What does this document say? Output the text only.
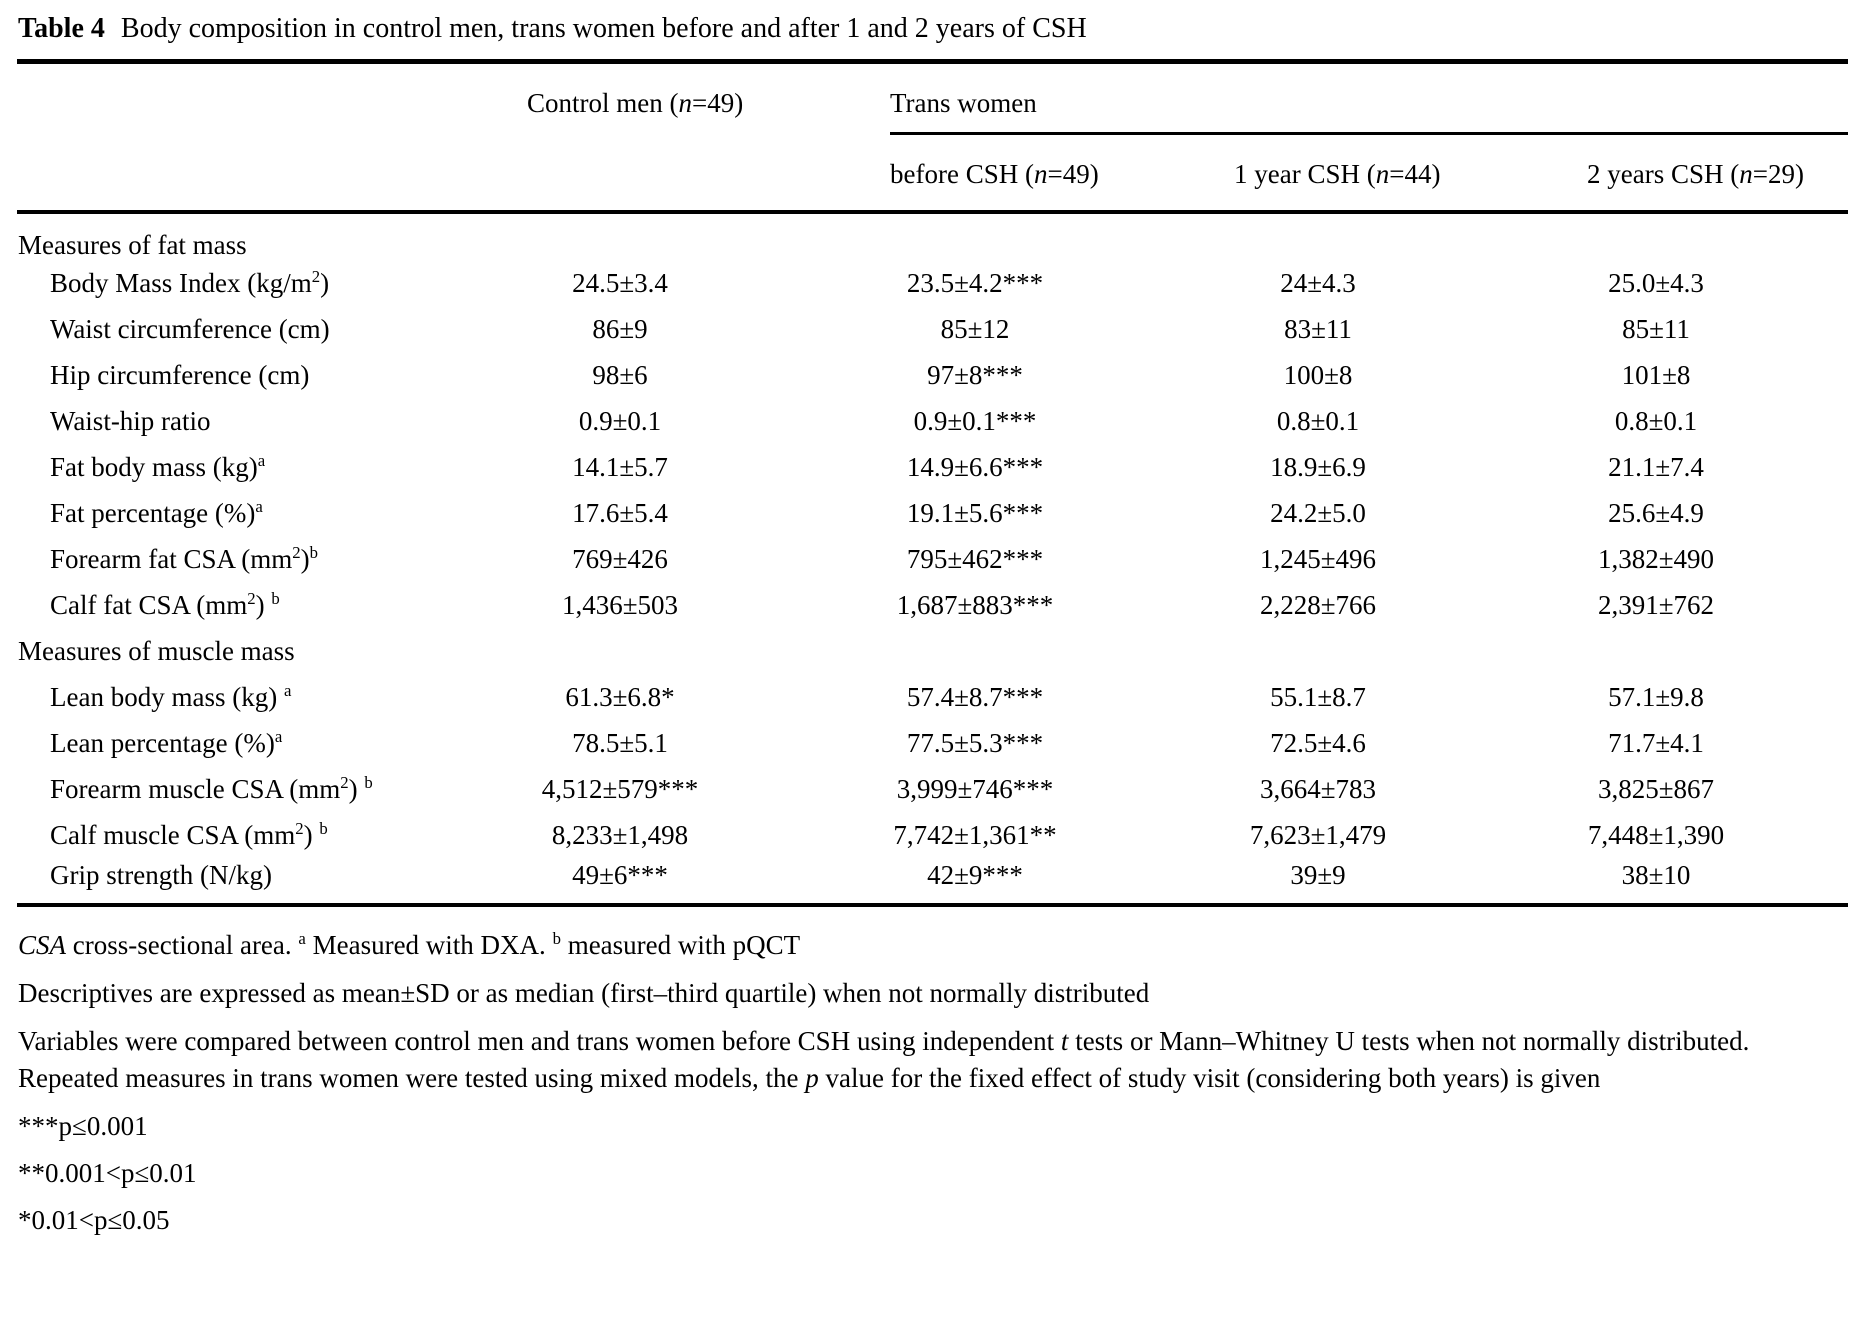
Table 4 Body composition in control men, trans women before and after 1 and 2 years of CSH
	Control men (n=49)	Trans women		

		before CSH (n=49)	1 year CSH (n=44)	2 years CSH (n=29)
Measures of fat mass				
Body Mass Index $(kg/m^2)$	24.5±3.4	23.5±4.2***	24±4.3	25.0±4.3
Waist circumference (cm)	86±9	85±12	83±11	85±11
Hip circumference (cm)	98±6	97±8***	100±8	101±8
Waist-hip ratio	0.9±0.1	0.9±0.1***	0.8±0.1	0.8±0.1
Fat body mass (kg)$^a$	14.1±5.7	14.9±6.6***	18.9±6.9	21.1±7.4
Fat percentage (%)$^a$	17.6±5.4	19.1±5.6***	24.2±5.0	25.6±4.9
Forearm fat CSA $(mm^2)^b$	769±426	795±462***	1,245±496	1,382±490
Calf fat CSA $(mm^2)$ $^b$	1,436±503	1,687±883***	2,228±766	2,391±762
Measures of muscle mass				
Lean body mass (kg) $^a$	61.3±6.8*	57.4±8.7***	55.1±8.7	57.1±9.8
Lean percentage (%)$^a$	78.5±5.1	77.5±5.3***	72.5±4.6	71.7±4.1
Forearm muscle CSA $(mm^2)$ $^b$	4,512±579***	3,999±746***	3,664±783	3,825±867
Calf muscle CSA $(mm^2)$ $^b$	8,233±1,498	7,742±1,361**	7,623±1,479	7,448±1,390
Grip strength (N/kg)	49±6***	42±9***	39±9	38±10

CSA cross-sectional area. $^a$ Measured with DXA. $^b$ measured with pQCT

Descriptives are expressed as mean±SD or as median (first–third quartile) when not normally distributed

Variables were compared between control men and trans women before CSH using independent t tests or Mann–Whitney U tests when not normally distributed. Repeated measures in trans women were tested using mixed models, the p value for the fixed effect of study visit (considering both years) is given

***p≤0.001

**0.001<p≤0.01

*0.01<p≤0.05
